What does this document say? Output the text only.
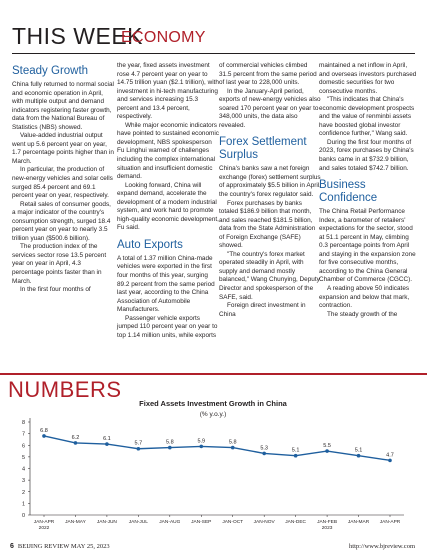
THIS WEEK
ECONOMY
Steady Growth

China fully returned to normal social and economic operation in April, with multiple output and demand indicators registering faster growth, data from the National Bureau of Statistics (NBS) showed.

Value-added industrial output went up 5.6 percent year on year, 1.7 percentage points higher than in March.

In particular, the production of new-energy vehicles and solar cells surged 85.4 percent and 69.1 percent year on year, respectively.

Retail sales of consumer goods, a major indicator of the country's consumption strength, surged 18.4 percent year on year to nearly 3.5 trillion yuan ($500.6 billion).

The production index of the services sector rose 13.5 percent year on year in April, 4.3 percentage points faster than in March.

In the first four months of

the year, fixed assets investment rose 4.7 percent year on year to 14.75 trillion yuan ($2.1 trillion), with investment in hi-tech manufacturing and services increasing 15.3 percent and 13.4 percent, respectively.

While major economic indicators have pointed to sustained economic development, NBS spokesperson Fu Linghui warned of challenges including the complex international situation and insufficient domestic demand.

Looking forward, China will expand demand, accelerate the development of a modern industrial system, and work hard to promote high-quality economic development, Fu said.

Auto Exports

A total of 1.37 million China-made vehicles were exported in the first four months of this year, surging 89.2 percent from the same period last year, according to the China Association of Automobile Manufacturers.

Passenger vehicle exports jumped 110 percent year on year to top 1.14 million units, while exports

of commercial vehicles climbed 31.5 percent from the same period of last year to 228,000 units.

In the January-April period, exports of new-energy vehicles also soared 170 percent year on year to 348,000 units, the data also revealed.

Forex Settlement Surplus

China's banks saw a net foreign exchange (forex) settlement surplus of approximately $5.5 billion in April, the country's forex regulator said.

Forex purchases by banks totaled $186.9 billion that month, and sales reached $181.5 billion, data from the State Administration of Foreign Exchange (SAFE) showed.

"The country's forex market operated steadily in April, with supply and demand mostly balanced," Wang Chunying, Deputy Director and spokesperson of the SAFE, said.

Foreign direct investment in China

maintained a net inflow in April, and overseas investors purchased domestic securities for two consecutive months.

"This indicates that China's economic development prospects and the value of renminbi assets have boosted global investor confidence further," Wang said.

During the first four months of 2023, forex purchases by China's banks came in at $732.9 billion, and sales totaled $742.7 billion.

Business Confidence

The China Retail Performance Index, a barometer of retailers' expectations for the sector, stood at 51.1 percent in May, climbing 0.3 percentage points from April and staying in the expansion zone for five consecutive months, according to the China General Chamber of Commerce (CGCC).

A reading above 50 indicates expansion and below that mark, contraction.

The steady growth of the

NUMBERS
Fixed Assets Investment Growth in China
(% y.o.y.)
0
1
2
3
4
5
6
7
8
JAN-APR
2022
JAN-MAY JAN-JUN JAN-JUL JAN-AUG JAN-SEP JAN-OCT JAN-NOV JAN-DEC JAN-FEB
2023
JAN-MAR JAN-APR
6.8
6.2	6.1
5.7	5.8	5.9	5.8
5.3	5.1
5.5
5.1
4.7
6 BEIJING REVIEW MAY 25, 2023	http://www.bjreview.com
